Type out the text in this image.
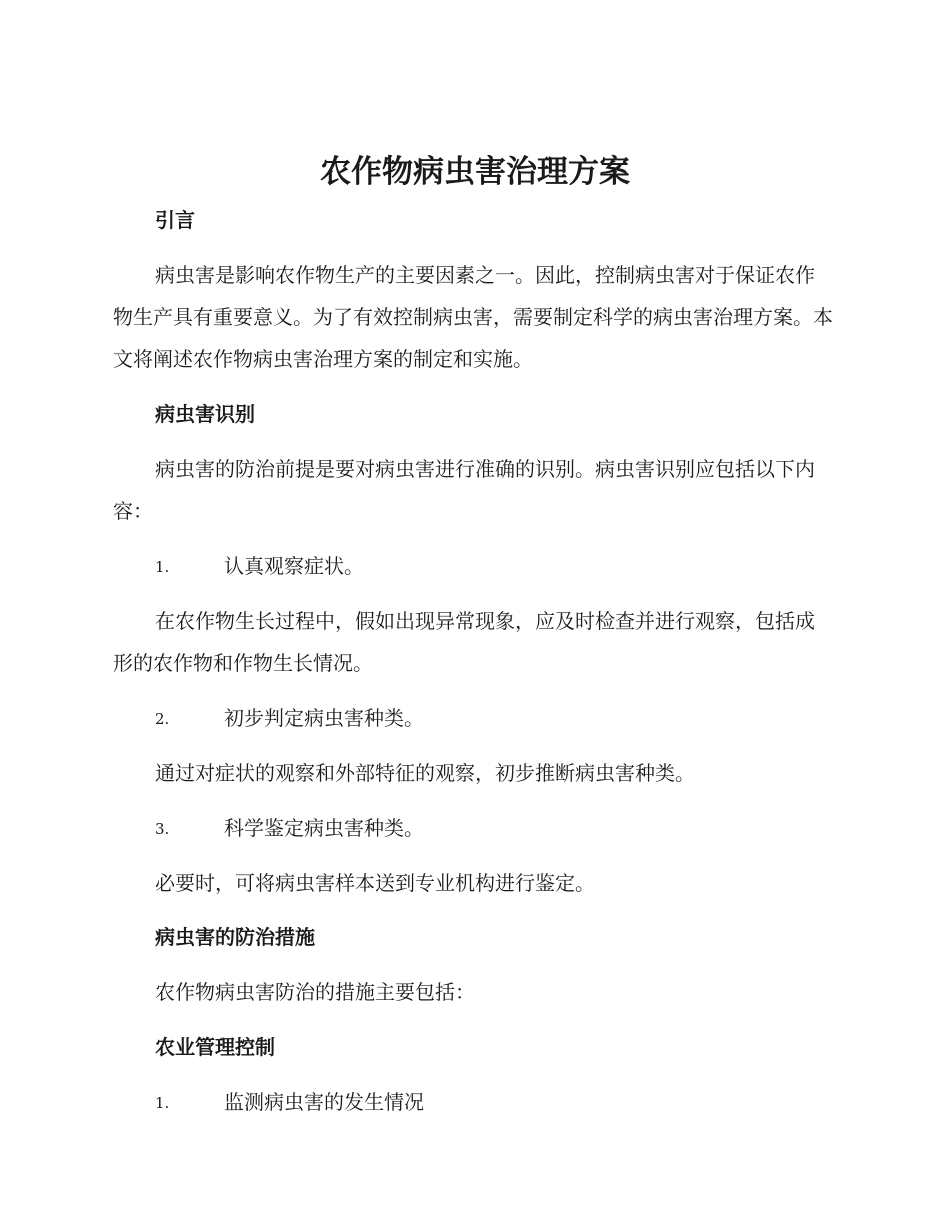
农作物病虫害治理方案
引言

病虫害是影响农作物生产的主要因素之一。因此，控制病虫害对于保证农作物生产具有重要意义。为了有效控制病虫害，需要制定科学的病虫害治理方案。本文将阐述农作物病虫害治理方案的制定和实施。

病虫害识别

病虫害的防治前提是要对病虫害进行准确的识别。病虫害识别应包括以下内容：

1.	认真观察症状。

在农作物生长过程中，假如出现异常现象，应及时检查并进行观察，包括成形的农作物和作物生长情况。

2.	初步判定病虫害种类。

通过对症状的观察和外部特征的观察，初步推断病虫害种类。

3.	科学鉴定病虫害种类。

必要时，可将病虫害样本送到专业机构进行鉴定。

病虫害的防治措施

农作物病虫害防治的措施主要包括：

农业管理控制
1.	监测病虫害的发生情况
